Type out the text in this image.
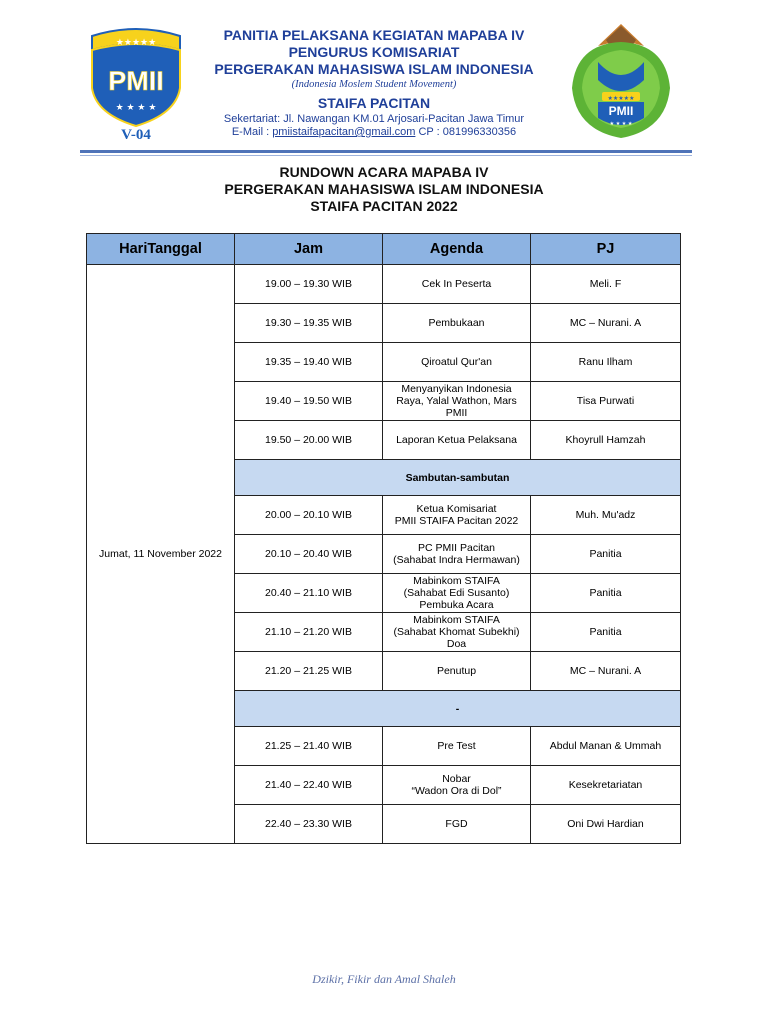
★★★★★
PMII
★ ★ ★ ★
V-04
PANITIA PELAKSANA KEGIATAN MAPABA IV
PENGURUS KOMISARIAT
PERGERAKAN MAHASISWA ISLAM INDONESIA
(Indonesia Moslem Student Movement)
STAIFA PACITAN
Sekertariat: Jl. Nawangan KM.01 Arjosari-Pacitan Jawa Timur
E-Mail : pmiistaifapacitan@gmail.com CP : 081996330356
★★★★★
PMII
★ ★ ★ ★
RUNDOWN ACARA MAPABA IV
PERGERAKAN MAHASISWA ISLAM INDONESIA
STAIFA PACITAN 2022
HariTanggal	Jam	Agenda	PJ
Jumat, 11 November 2022	19.00 – 19.30 WIB	Cek In Peserta	Meli. F
	19.30 – 19.35 WIB	Pembukaan	MC – Nurani. A
	19.35 – 19.40 WIB	Qiroatul Qur'an	Ranu Ilham
	19.40 – 19.50 WIB	Menyanyikan Indonesia
Raya, Yalal Wathon, Mars
PMII	Tisa Purwati
	19.50 – 20.00 WIB	Laporan Ketua Pelaksana	Khoyrull Hamzah
	Sambutan-sambutan		
	20.00 – 20.10 WIB	Ketua Komisariat
PMII STAIFA Pacitan 2022	Muh. Mu'adz
	20.10 – 20.40 WIB	PC PMII Pacitan
(Sahabat Indra Hermawan)	Panitia
	20.40 – 21.10 WIB	Mabinkom STAIFA
(Sahabat Edi Susanto)
Pembuka Acara	Panitia
	21.10 – 21.20 WIB	Mabinkom STAIFA
(Sahabat Khomat Subekhi)
Doa	Panitia
	21.20 – 21.25 WIB	Penutup	MC – Nurani. A
	-		
	21.25 – 21.40 WIB	Pre Test	Abdul Manan & Ummah
	21.40 – 22.40 WIB	Nobar
“Wadon Ora di Dol”	Kesekretariatan
	22.40 – 23.30 WIB	FGD	Oni Dwi Hardian
Dzikir, Fikir dan Amal Shaleh
